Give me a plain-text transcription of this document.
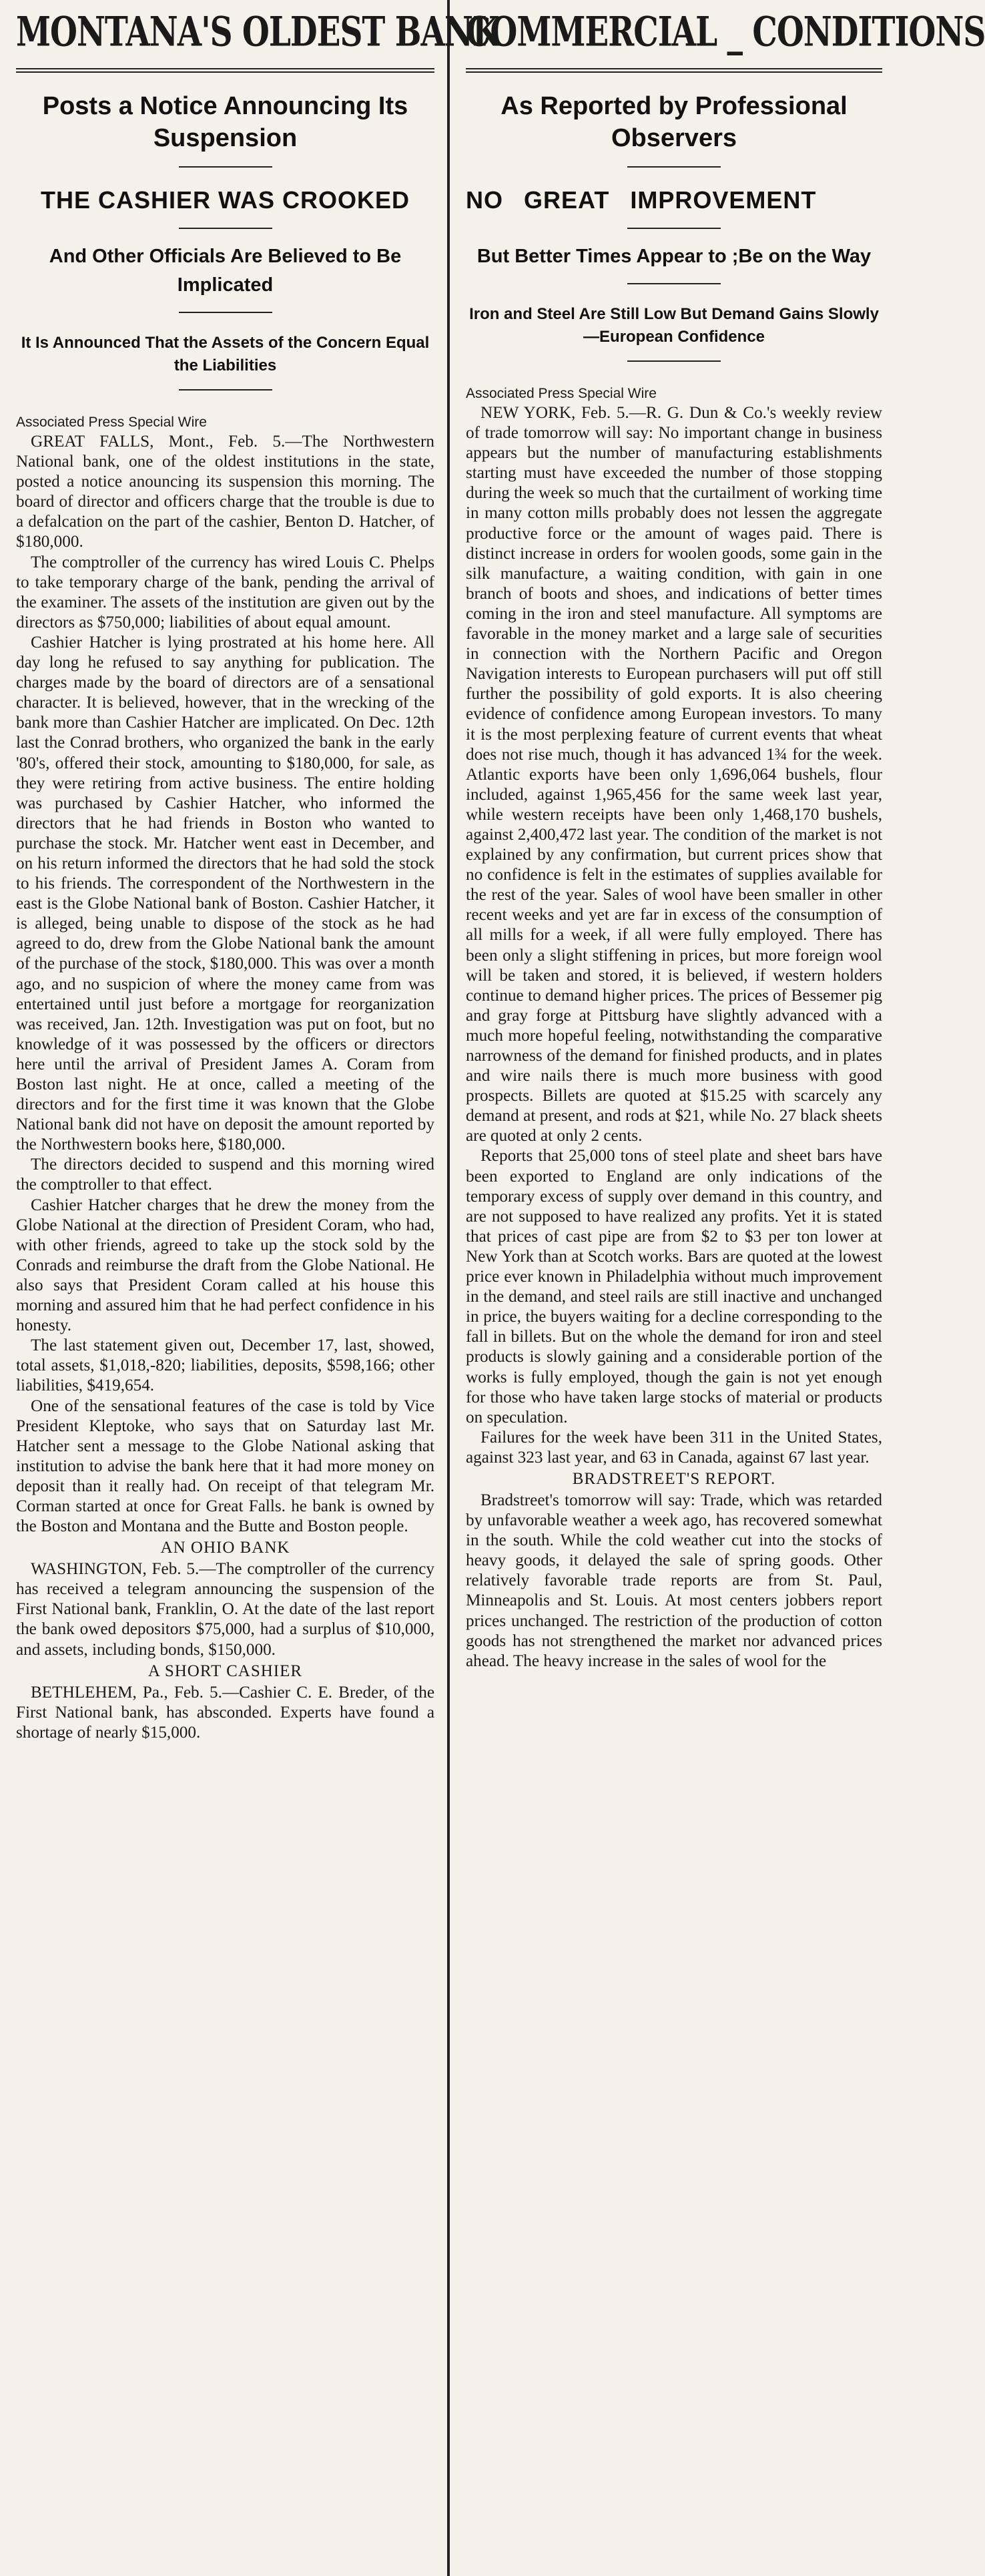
MONTANA'S OLDEST BANK
Posts a Notice Announcing Its Suspension
THE CASHIER WAS CROOKED
And Other Officials Are Believed to Be Implicated
It Is Announced That the Assets of the Concern Equal the Liabilities
Associated Press Special Wire

GREAT FALLS, Mont., Feb. 5.—The Northwestern National bank, one of the oldest institutions in the state, posted a notice anouncing its suspension this morning. The board of director and officers charge that the trouble is due to a defalcation on the part of the cashier, Benton D. Hatcher, of $180,000.

The comptroller of the currency has wired Louis C. Phelps to take temporary charge of the bank, pending the arrival of the examiner. The assets of the institution are given out by the directors as $750,000; liabilities of about equal amount.

Cashier Hatcher is lying prostrated at his home here. All day long he refused to say anything for publication. The charges made by the board of directors are of a sensational character. It is believed, however, that in the wrecking of the bank more than Cashier Hatcher are implicated. On Dec. 12th last the Conrad brothers, who organized the bank in the early '80's, offered their stock, amounting to $180,000, for sale, as they were retiring from active business. The entire holding was purchased by Cashier Hatcher, who informed the directors that he had friends in Boston who wanted to purchase the stock. Mr. Hatcher went east in December, and on his return informed the directors that he had sold the stock to his friends. The correspondent of the Northwestern in the east is the Globe National bank of Boston. Cashier Hatcher, it is alleged, being unable to dispose of the stock as he had agreed to do, drew from the Globe National bank the amount of the purchase of the stock, $180,000. This was over a month ago, and no suspicion of where the money came from was entertained until just before a mortgage for reorganization was received, Jan. 12th. Investigation was put on foot, but no knowledge of it was possessed by the officers or directors here until the arrival of President James A. Coram from Boston last night. He at once, called a meeting of the directors and for the first time it was known that the Globe National bank did not have on deposit the amount reported by the Northwestern books here, $180,000.

The directors decided to suspend and this morning wired the comptroller to that effect.

Cashier Hatcher charges that he drew the money from the Globe National at the direction of President Coram, who had, with other friends, agreed to take up the stock sold by the Conrads and reimburse the draft from the Globe National. He also says that President Coram called at his house this morning and assured him that he had perfect confidence in his honesty.

The last statement given out, December 17, last, showed, total assets, $1,018,-820; liabilities, deposits, $598,166; other liabilities, $419,654.

One of the sensational features of the case is told by Vice President Kleptoke, who says that on Saturday last Mr. Hatcher sent a message to the Globe National asking that institution to advise the bank here that it had more money on deposit than it really had. On receipt of that telegram Mr. Corman started at once for Great Falls. he bank is owned by the Boston and Montana and the Butte and Boston people.

AN OHIO BANK

WASHINGTON, Feb. 5.—The comptroller of the currency has received a telegram announcing the suspension of the First National bank, Franklin, O. At the date of the last report the bank owed depositors $75,000, had a surplus of $10,000, and assets, including bonds, $150,000.

A SHORT CASHIER

BETHLEHEM, Pa., Feb. 5.—Cashier C. E. Breder, of the First National bank, has absconded. Experts have found a shortage of nearly $15,000.

COMMERCIAL _ CONDITIONS
As Reported by Professional Observers
NO GREAT IMPROVEMENT
But Better Times Appear to ;Be on the Way
Iron and Steel Are Still Low But Demand Gains Slowly—European Confidence
Associated Press Special Wire

NEW YORK, Feb. 5.—R. G. Dun & Co.'s weekly review of trade tomorrow will say: No important change in business appears but the number of manufacturing establishments starting must have exceeded the number of those stopping during the week so much that the curtailment of working time in many cotton mills probably does not lessen the aggregate productive force or the amount of wages paid. There is distinct increase in orders for woolen goods, some gain in the silk manufacture, a waiting condition, with gain in one branch of boots and shoes, and indications of better times coming in the iron and steel manufacture. All symptoms are favorable in the money market and a large sale of securities in connection with the Northern Pacific and Oregon Navigation interests to European purchasers will put off still further the possibility of gold exports. It is also cheering evidence of confidence among European investors. To many it is the most perplexing feature of current events that wheat does not rise much, though it has advanced 1¾ for the week. Atlantic exports have been only 1,696,064 bushels, flour included, against 1,965,456 for the same week last year, while western receipts have been only 1,468,170 bushels, against 2,400,472 last year. The condition of the market is not explained by any confirmation, but current prices show that no confidence is felt in the estimates of supplies available for the rest of the year. Sales of wool have been smaller in other recent weeks and yet are far in excess of the consumption of all mills for a week, if all were fully employed. There has been only a slight stiffening in prices, but more foreign wool will be taken and stored, it is believed, if western holders continue to demand higher prices. The prices of Bessemer pig and gray forge at Pittsburg have slightly advanced with a much more hopeful feeling, notwithstanding the comparative narrowness of the demand for finished products, and in plates and wire nails there is much more business with good prospects. Billets are quoted at $15.25 with scarcely any demand at present, and rods at $21, while No. 27 black sheets are quoted at only 2 cents.

Reports that 25,000 tons of steel plate and sheet bars have been exported to England are only indications of the temporary excess of supply over demand in this country, and are not supposed to have realized any profits. Yet it is stated that prices of cast pipe are from $2 to $3 per ton lower at New York than at Scotch works. Bars are quoted at the lowest price ever known in Philadelphia without much improvement in the demand, and steel rails are still inactive and unchanged in price, the buyers waiting for a decline corresponding to the fall in billets. But on the whole the demand for iron and steel products is slowly gaining and a considerable portion of the works is fully employed, though the gain is not yet enough for those who have taken large stocks of material or products on speculation.

Failures for the week have been 311 in the United States, against 323 last year, and 63 in Canada, against 67 last year.

BRADSTREET'S REPORT.

Bradstreet's tomorrow will say: Trade, which was retarded by unfavorable weather a week ago, has recovered somewhat in the south. While the cold weather cut into the stocks of heavy goods, it delayed the sale of spring goods. Other relatively favorable trade reports are from St. Paul, Minneapolis and St. Louis. At most centers jobbers report prices unchanged. The restriction of the production of cotton goods has not strengthened the market nor advanced prices ahead. The heavy increase in the sales of wool for the
